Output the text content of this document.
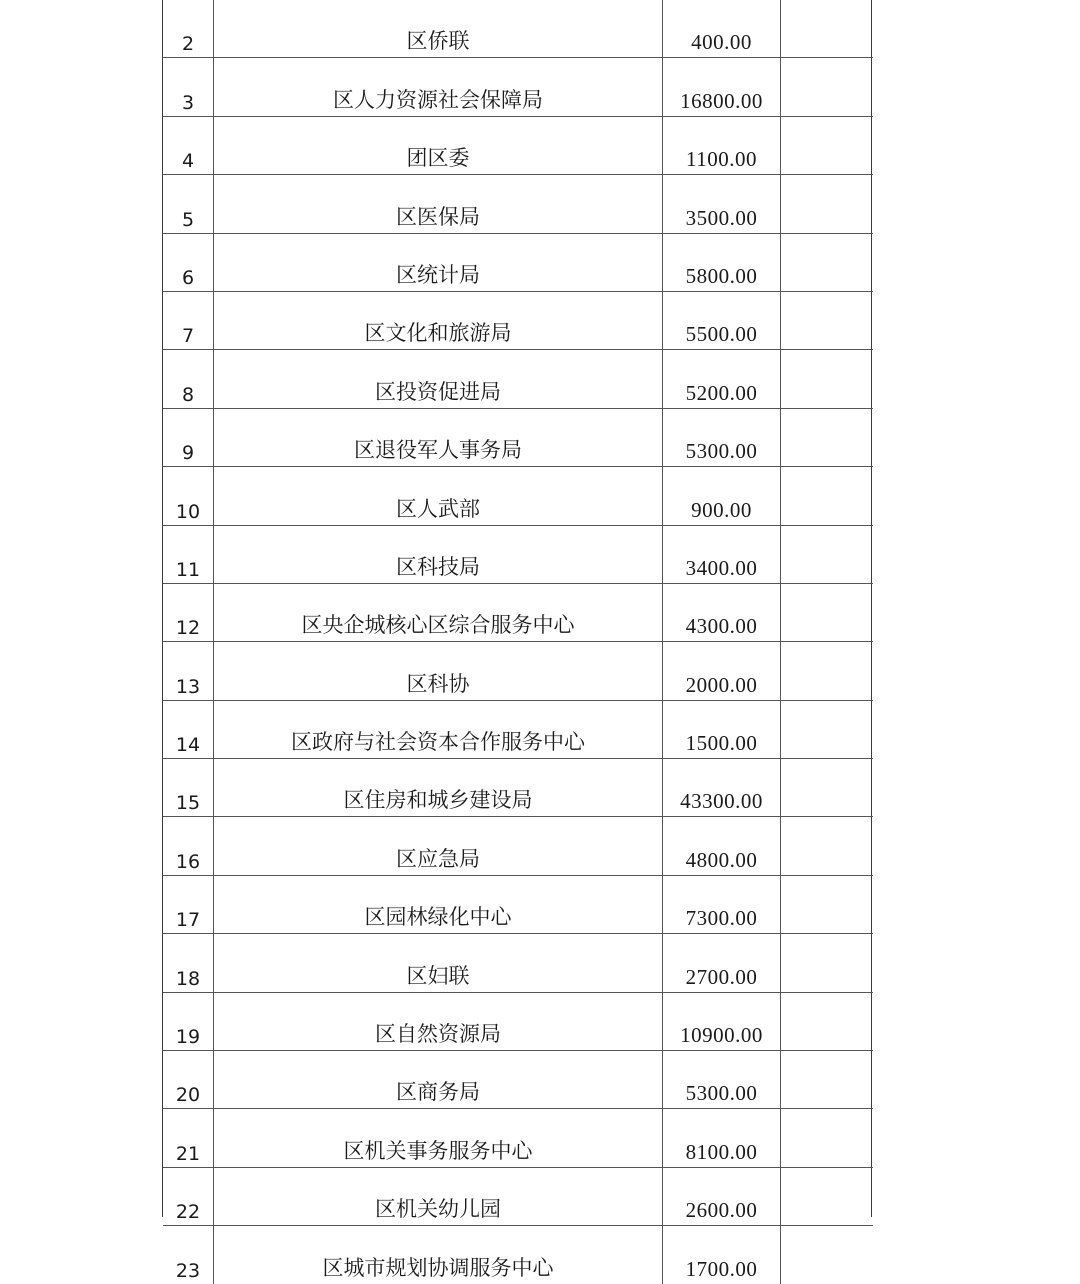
2	区侨联	400.00	
3	区人力资源社会保障局	16800.00	
4	团区委	1100.00	
5	区医保局	3500.00	
6	区统计局	5800.00	
7	区文化和旅游局	5500.00	
8	区投资促进局	5200.00	
9	区退役军人事务局	5300.00	
10	区人武部	900.00	
11	区科技局	3400.00	
12	区央企城核心区综合服务中心	4300.00	
13	区科协	2000.00	
14	区政府与社会资本合作服务中心	1500.00	
15	区住房和城乡建设局	43300.00	
16	区应急局	4800.00	
17	区园林绿化中心	7300.00	
18	区妇联	2700.00	
19	区自然资源局	10900.00	
20	区商务局	5300.00	
21	区机关事务服务中心	8100.00	
22	区机关幼儿园	2600.00	
23	区城市规划协调服务中心	1700.00	
